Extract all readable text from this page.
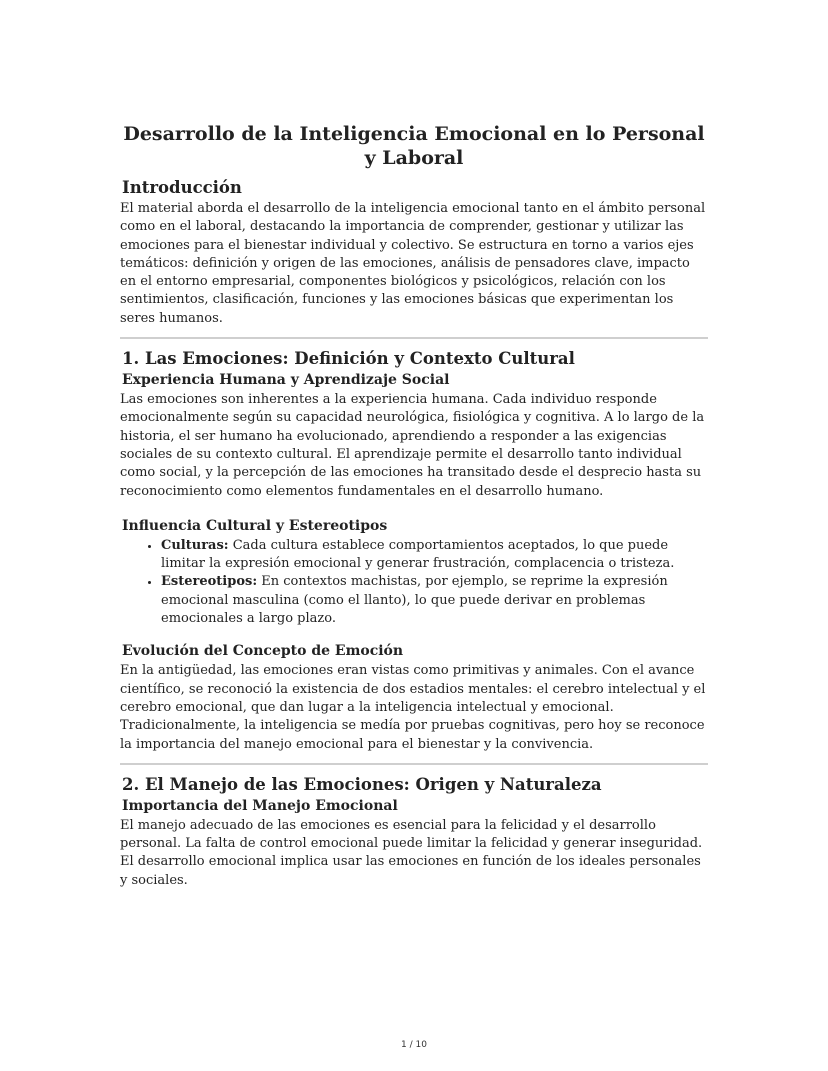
Desarrollo de la Inteligencia Emocional en lo Personal y Laboral
Introducción

El material aborda el desarrollo de la inteligencia emocional tanto en el ámbito personal como en el laboral, destacando la importancia de comprender, gestionar y utilizar las emociones para el bienestar individual y colectivo. Se estructura en torno a varios ejes temáticos: definición y origen de las emociones, análisis de pensadores clave, impacto en el entorno empresarial, componentes biológicos y psicológicos, relación con los sentimientos, clasificación, funciones y las emociones básicas que experimentan los seres humanos.

1. Las Emociones: Definición y Contexto Cultural
Experiencia Humana y Aprendizaje Social

Las emociones son inherentes a la experiencia humana. Cada individuo responde emocionalmente según su capacidad neurológica, fisiológica y cognitiva. A lo largo de la historia, el ser humano ha evolucionado, aprendiendo a responder a las exigencias sociales de su contexto cultural. El aprendizaje permite el desarrollo tanto individual como social, y la percepción de las emociones ha transitado desde el desprecio hasta su reconocimiento como elementos fundamentales en el desarrollo humano.

Influencia Cultural y Estereotipos
• Culturas: Cada cultura establece comportamientos aceptados, lo que puede limitar la expresión emocional y generar frustración, complacencia o tristeza.
• Estereotipos: En contextos machistas, por ejemplo, se reprime la expresión emocional masculina (como el llanto), lo que puede derivar en problemas emocionales a largo plazo.
Evolución del Concepto de Emoción

En la antigüedad, las emociones eran vistas como primitivas y animales. Con el avance científico, se reconoció la existencia de dos estadios mentales: el cerebro intelectual y el cerebro emocional, que dan lugar a la inteligencia intelectual y emocional. Tradicionalmente, la inteligencia se medía por pruebas cognitivas, pero hoy se reconoce la importancia del manejo emocional para el bienestar y la convivencia.

2. El Manejo de las Emociones: Origen y Naturaleza
Importancia del Manejo Emocional

El manejo adecuado de las emociones es esencial para la felicidad y el desarrollo personal. La falta de control emocional puede limitar la felicidad y generar inseguridad. El desarrollo emocional implica usar las emociones en función de los ideales personales y sociales.

1 / 10
